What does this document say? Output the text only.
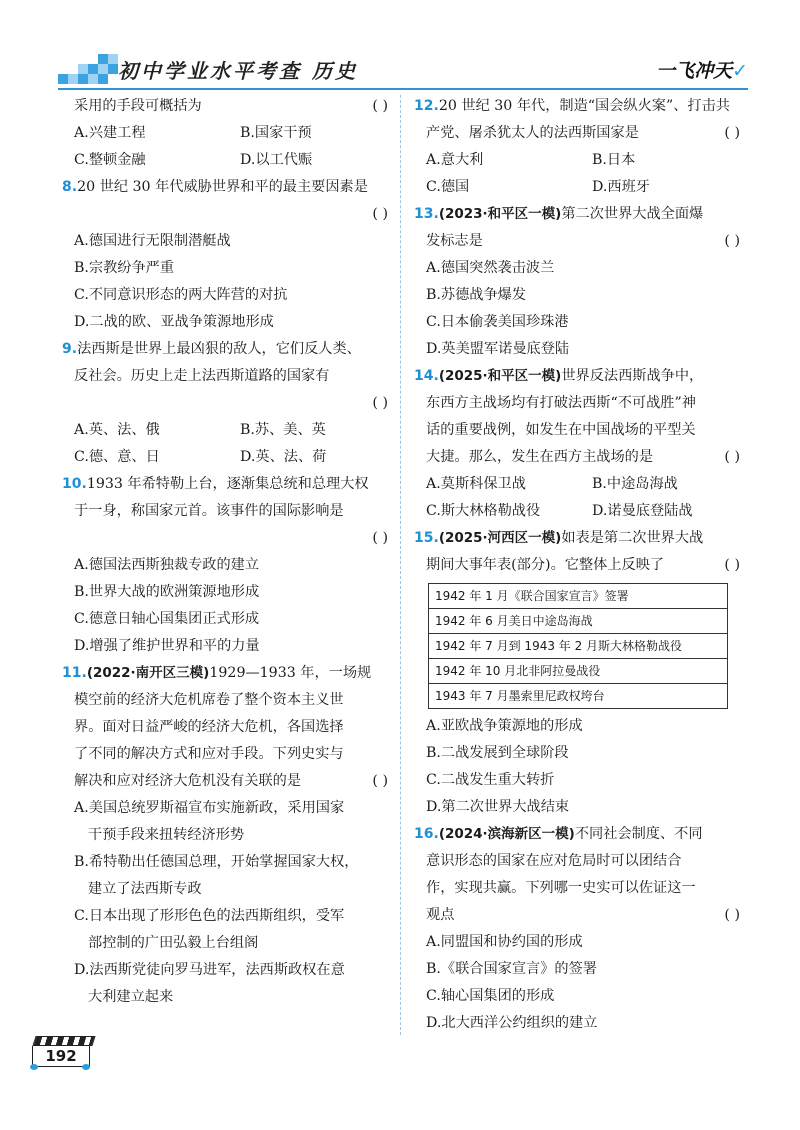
初中学业水平考查 历史	一飞冲天✓
采用的手段可概括为	( )
A.兴建工程	B.国家干预
C.整顿金融	D.以工代赈
8.20 世纪 30 年代威胁世界和平的最主要因素是
( )
A.德国进行无限制潜艇战
B.宗教纷争严重
C.不同意识形态的两大阵营的对抗
D.二战的欧、亚战争策源地形成
9.法西斯是世界上最凶狠的敌人，它们反人类、
反社会。历史上走上法西斯道路的国家有
( )
A.英、法、俄	B.苏、美、英
C.德、意、日	D.英、法、荷
10.1933 年希特勒上台，逐渐集总统和总理大权
于一身，称国家元首。该事件的国际影响是
( )
A.德国法西斯独裁专政的建立
B.世界大战的欧洲策源地形成
C.德意日轴心国集团正式形成
D.增强了维护世界和平的力量
11.(2022·南开区三模)1929—1933 年，一场规
模空前的经济大危机席卷了整个资本主义世
界。面对日益严峻的经济大危机，各国选择
了不同的解决方式和应对手段。下列史实与
解决和应对经济大危机没有关联的是	( )
A.美国总统罗斯福宣布实施新政，采用国家
干预手段来扭转经济形势
B.希特勒出任德国总理，开始掌握国家大权，
建立了法西斯专政
C.日本出现了形形色色的法西斯组织，受军
部控制的广田弘毅上台组阁
D.法西斯党徒向罗马进军，法西斯政权在意
大利建立起来
12.20 世纪 30 年代，制造“国会纵火案”、打击共
产党、屠杀犹太人的法西斯国家是	( )
A.意大利	B.日本
C.德国	D.西班牙
13.(2023·和平区一模)第二次世界大战全面爆
发标志是	( )
A.德国突然袭击波兰
B.苏德战争爆发
C.日本偷袭美国珍珠港
D.英美盟军诺曼底登陆
14.(2025·和平区一模)世界反法西斯战争中，
东西方主战场均有打破法西斯“不可战胜”神
话的重要战例，如发生在中国战场的平型关
大捷。那么，发生在西方主战场的是	( )
A.莫斯科保卫战	B.中途岛海战
C.斯大林格勒战役	D.诺曼底登陆战
15.(2025·河西区一模)如表是第二次世界大战
期间大事年表(部分)。它整体上反映了	( )
1942 年 1 月《联合国家宣言》签署
1942 年 6 月美日中途岛海战
1942 年 7 月到 1943 年 2 月斯大林格勒战役
1942 年 10 月北非阿拉曼战役
1943 年 7 月墨索里尼政权垮台
A.亚欧战争策源地的形成
B.二战发展到全球阶段
C.二战发生重大转折
D.第二次世界大战结束
16.(2024·滨海新区一模)不同社会制度、不同
意识形态的国家在应对危局时可以团结合
作，实现共赢。下列哪一史实可以佐证这一
观点	( )
A.同盟国和协约国的形成
B.《联合国家宣言》的签署
C.轴心国集团的形成
D.北大西洋公约组织的建立
192
